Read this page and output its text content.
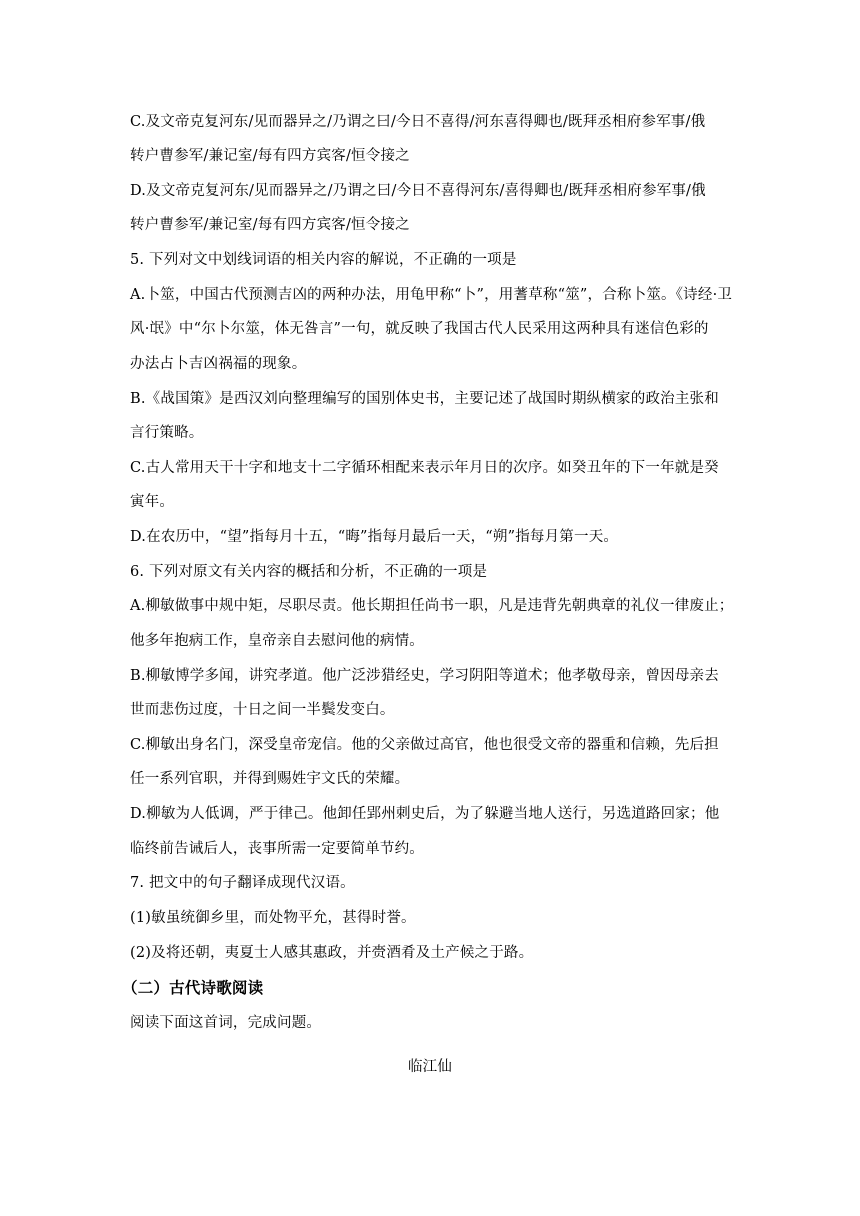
C.及文帝克复河东/见而器异之/乃谓之曰/今日不喜得/河东喜得卿也/既拜丞相府参军事/俄
转户曹参军/兼记室/每有四方宾客/恒令接之
D.及文帝克复河东/见而器异之/乃谓之曰/今日不喜得河东/喜得卿也/既拜丞相府参军事/俄
转户曹参军/兼记室/每有四方宾客/恒令接之
5. 下列对文中划线词语的相关内容的解说，不正确的一项是
A.卜筮，中国古代预测吉凶的两种办法，用龟甲称“卜”，用蓍草称“筮”，合称卜筮。《诗经·卫
风·氓》中“尔卜尔筮，体无咎言”一句，就反映了我国古代人民采用这两种具有迷信色彩的
办法占卜吉凶祸福的现象。
B.《战国策》是西汉刘向整理编写的国别体史书，主要记述了战国时期纵横家的政治主张和
言行策略。
C.古人常用天干十字和地支十二字循环相配来表示年月日的次序。如癸丑年的下一年就是癸
寅年。
D.在农历中，“望”指每月十五，“晦”指每月最后一天，“朔”指每月第一天。
6. 下列对原文有关内容的概括和分析，不正确的一项是
A.柳敏做事中规中矩，尽职尽责。他长期担任尚书一职，凡是违背先朝典章的礼仪一律废止；
他多年抱病工作，皇帝亲自去慰问他的病情。
B.柳敏博学多闻，讲究孝道。他广泛涉猎经史，学习阴阳等道术；他孝敬母亲，曾因母亲去
世而悲伤过度，十日之间一半鬓发变白。
C.柳敏出身名门，深受皇帝宠信。他的父亲做过高官，他也很受文帝的器重和信赖，先后担
任一系列官职，并得到赐姓宇文氏的荣耀。
D.柳敏为人低调，严于律己。他卸任郢州刺史后，为了躲避当地人送行，另选道路回家；他
临终前告诫后人，丧事所需一定要简单节约。
7. 把文中的句子翻译成现代汉语。
(1)敏虽统御乡里，而处物平允，甚得时誉。
(2)及将还朝，夷夏士人感其惠政，并赍酒肴及土产候之于路。
（二）古代诗歌阅读
阅读下面这首词，完成问题。
临江仙
